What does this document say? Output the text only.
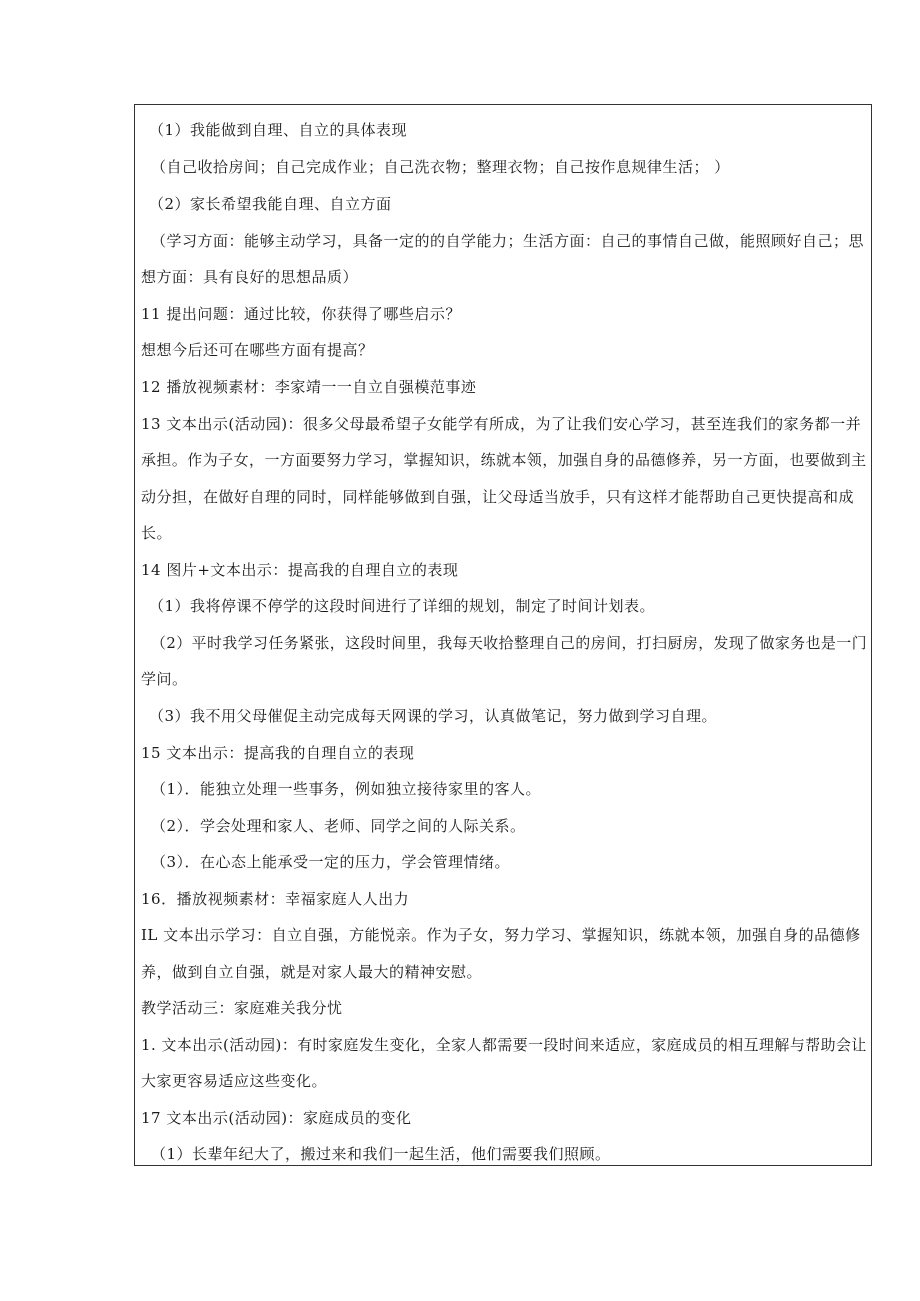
（1）我能做到自理、自立的具体表现
（自己收拾房间；自己完成作业；自己洗衣物；整理衣物；自己按作息规律生活； ）
（2）家长希望我能自理、自立方面
（学习方面：能够主动学习，具备一定的的自学能力；生活方面：自己的事情自己做，能照顾好自己；思
想方面：具有良好的思想品质）
11 提出问题：通过比较，你获得了哪些启示？
想想今后还可在哪些方面有提高？
12 播放视频素材：李家靖一一自立自强模范事迹
13 文本出示(活动园)：很多父母最希望子女能学有所成，为了让我们安心学习，甚至连我们的家务都一并
承担。作为子女，一方面要努力学习，掌握知识，练就本领，加强自身的品德修养，另一方面，也要做到主
动分担，在做好自理的同时，同样能够做到自强，让父母适当放手，只有这样才能帮助自己更快提高和成
长。
14 图片+文本出示：提高我的自理自立的表现
（1）我将停课不停学的这段时间进行了详细的规划，制定了时间计划表。
（2）平时我学习任务紧张，这段时间里，我每天收拾整理自己的房间，打扫厨房，发现了做家务也是一门
学问。
（3）我不用父母催促主动完成每天网课的学习，认真做笔记，努力做到学习自理。
15 文本出示：提高我的自理自立的表现
（1）．能独立处理一些事务，例如独立接待家里的客人。
（2）．学会处理和家人、老师、同学之间的人际关系。
（3）．在心态上能承受一定的压力，学会管理情绪。
16．播放视频素材：幸福家庭人人出力
IL 文本出示学习：自立自强，方能悦亲。作为子女，努力学习、掌握知识，练就本领，加强自身的品德修
养，做到自立自强，就是对家人最大的精神安慰。
教学活动三：家庭难关我分忧
1. 文本出示(活动园)：有时家庭发生变化，全家人都需要一段时间来适应，家庭成员的相互理解与帮助会让
大家更容易适应这些变化。
17 文本出示(活动园)：家庭成员的变化
（1）长辈年纪大了，搬过来和我们一起生活，他们需要我们照顾。
